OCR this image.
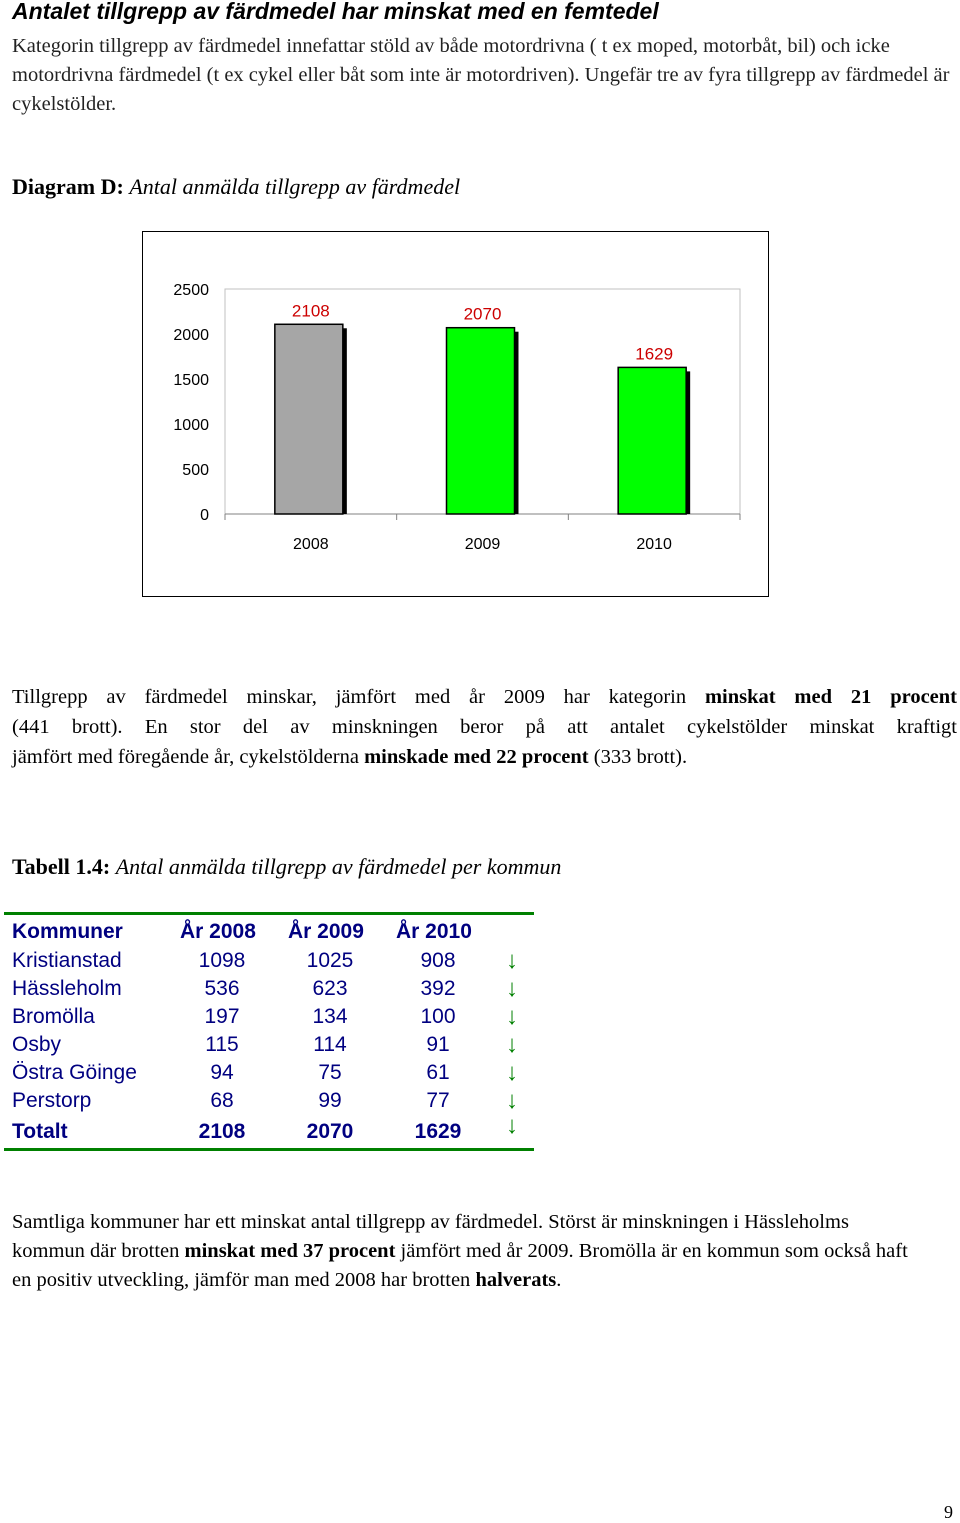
Antalet tillgrepp av färdmedel har minskat med en femtedel

Kategorin tillgrepp av färdmedel innefattar stöld av både motordrivna ( t ex moped, motorbåt, bil) och icke motordrivna färdmedel (t ex cykel eller båt som inte är motordriven). Ungefär tre av fyra tillgrepp av färdmedel är cykelstölder.

Diagram D: Antal anmälda tillgrepp av färdmedel
0
500
1000
1500
2000
2500
2108
2008
2070
2009
1629
2010

Tillgrepp av färdmedel minskar, jämfört med år 2009 har kategorin minskat med 21 procent
(441 brott). En stor del av minskningen beror på att antalet cykelstölder minskat kraftigt
jämfört med föregående år, cykelstölderna minskade med 22 procent (333 brott).

Tabell 1.4: Antal anmälda tillgrepp av färdmedel per kommun
Kommuner	År 2008	År 2009	År 2010
Kristianstad	1098	1025	908	↓
Hässleholm	536	623	392	↓
Bromölla	197	134	100	↓
Osby	115	114	91	↓
Östra Göinge	94	75	61	↓
Perstorp	68	99	77	↓
Totalt	2108	2070	1629	↓

Samtliga kommuner har ett minskat antal tillgrepp av färdmedel. Störst är minskningen i Hässleholms kommun där brotten minskat med 37 procent jämfört med år 2009. Bromölla är en kommun som också haft en positiv utveckling, jämför man med 2008 har brotten halverats.

9
